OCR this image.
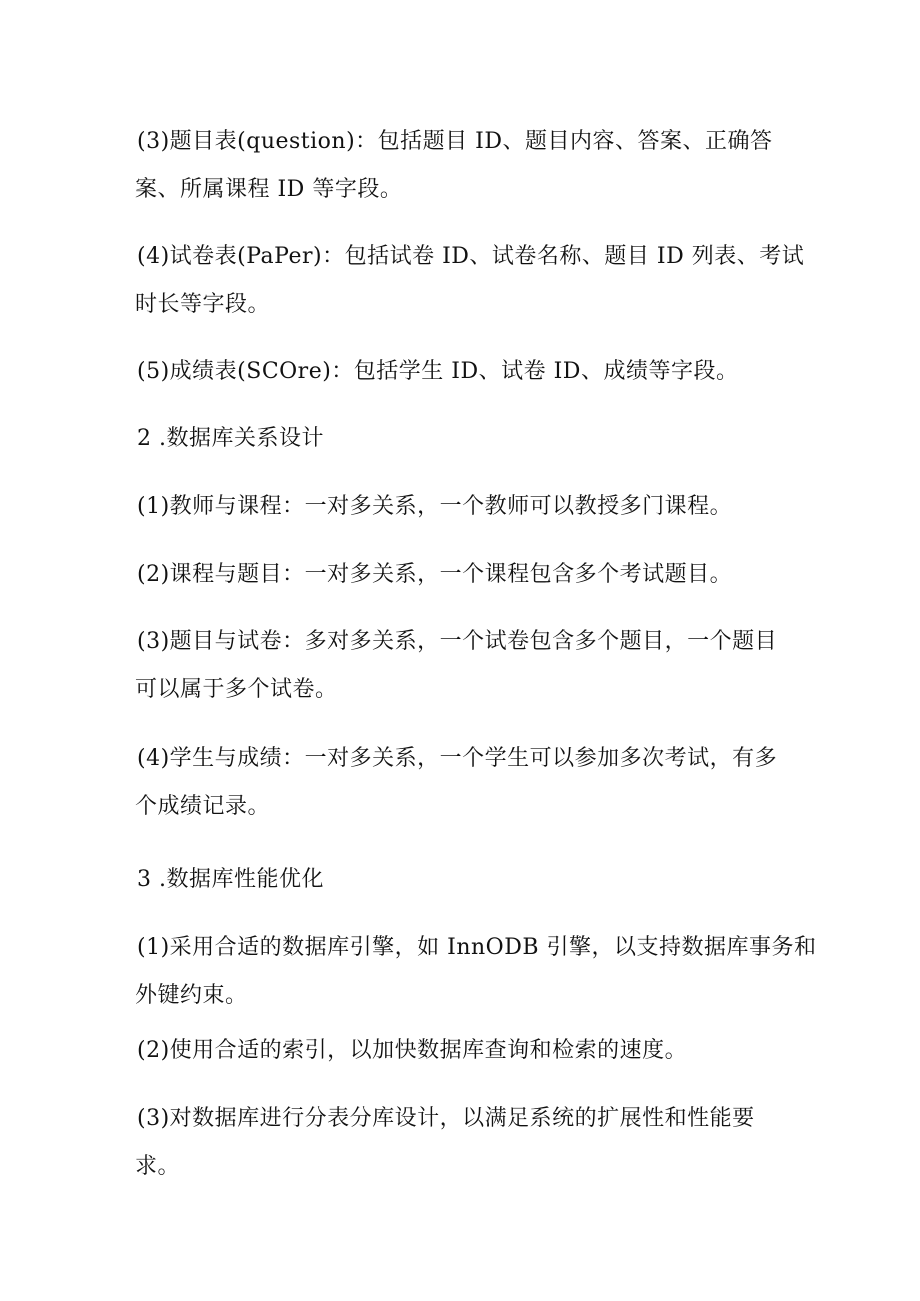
(3)题目表(question)：包括题目 ID、题目内容、答案、正确答
案、所属课程 ID 等字段。
(4)试卷表(PaPer)：包括试卷 ID、试卷名称、题目 ID 列表、考试
时长等字段。
(5)成绩表(SCOre)：包括学生 ID、试卷 ID、成绩等字段。
2 .数据库关系设计
(1)教师与课程：一对多关系，一个教师可以教授多门课程。
(2)课程与题目：一对多关系，一个课程包含多个考试题目。
(3)题目与试卷：多对多关系，一个试卷包含多个题目，一个题目
可以属于多个试卷。
(4)学生与成绩：一对多关系，一个学生可以参加多次考试，有多
个成绩记录。
3 .数据库性能优化
(1)采用合适的数据库引擎，如 InnODB 引擎，以支持数据库事务和
外键约束。
(2)使用合适的索引，以加快数据库查询和检索的速度。
(3)对数据库进行分表分库设计，以满足系统的扩展性和性能要
求。
